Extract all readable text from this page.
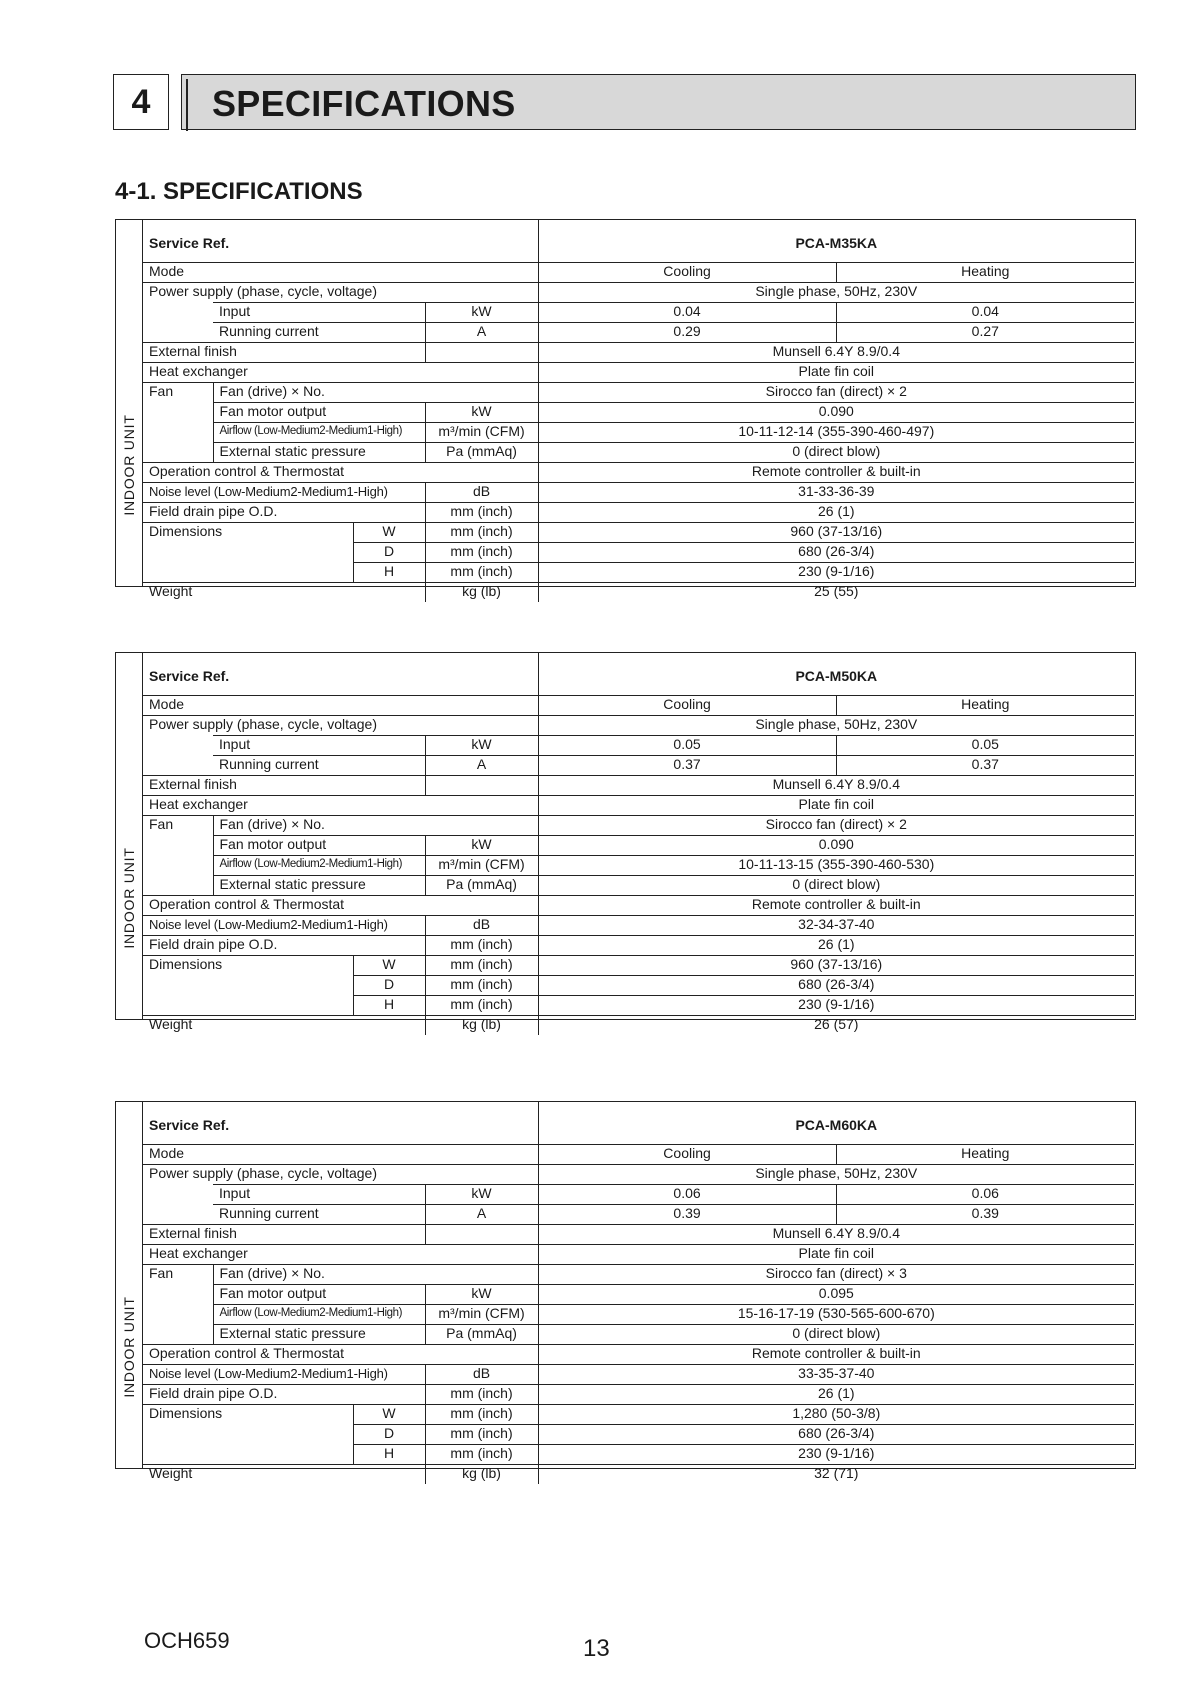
4	SPECIFICATIONS
4-1. SPECIFICATIONS
INDOOR UNIT
Service Ref.				PCA-M35KA	
Mode				Cooling	Heating
Power supply (phase, cycle, voltage)				Single phase, 50Hz, 230V	
	Input		kW	0.04	0.04
	Running current		A	0.29	0.27
External finish				Munsell 6.4Y 8.9/0.4	
Heat exchanger				Plate fin coil	
Fan	Fan (drive) × No.			Sirocco fan (direct) × 2	
	Fan motor output		kW	0.090	
	Airflow (Low-Medium2-Medium1-High)		m³/min (CFM)	10-11-12-14 (355-390-460-497)	
	External static pressure		Pa (mmAq)	0 (direct blow)	
Operation control & Thermostat				Remote controller & built-in	
Noise level (Low-Medium2-Medium1-High)			dB	31-33-36-39	
Field drain pipe O.D.			mm (inch)	26 (1)	
Dimensions		W	mm (inch)	960 (37-13/16)	
		D	mm (inch)	680 (26-3/4)	
		H	mm (inch)	230 (9-1/16)	
Weight			kg (lb)	25 (55)	
INDOOR UNIT
Service Ref.				PCA-M50KA	
Mode				Cooling	Heating
Power supply (phase, cycle, voltage)				Single phase, 50Hz, 230V	
	Input		kW	0.05	0.05
	Running current		A	0.37	0.37
External finish				Munsell 6.4Y 8.9/0.4	
Heat exchanger				Plate fin coil	
Fan	Fan (drive) × No.			Sirocco fan (direct) × 2	
	Fan motor output		kW	0.090	
	Airflow (Low-Medium2-Medium1-High)		m³/min (CFM)	10-11-13-15 (355-390-460-530)	
	External static pressure		Pa (mmAq)	0 (direct blow)	
Operation control & Thermostat				Remote controller & built-in	
Noise level (Low-Medium2-Medium1-High)			dB	32-34-37-40	
Field drain pipe O.D.			mm (inch)	26 (1)	
Dimensions		W	mm (inch)	960 (37-13/16)	
		D	mm (inch)	680 (26-3/4)	
		H	mm (inch)	230 (9-1/16)	
Weight			kg (lb)	26 (57)	
INDOOR UNIT
Service Ref.				PCA-M60KA	
Mode				Cooling	Heating
Power supply (phase, cycle, voltage)				Single phase, 50Hz, 230V	
	Input		kW	0.06	0.06
	Running current		A	0.39	0.39
External finish				Munsell 6.4Y 8.9/0.4	
Heat exchanger				Plate fin coil	
Fan	Fan (drive) × No.			Sirocco fan (direct) × 3	
	Fan motor output		kW	0.095	
	Airflow (Low-Medium2-Medium1-High)		m³/min (CFM)	15-16-17-19 (530-565-600-670)	
	External static pressure		Pa (mmAq)	0 (direct blow)	
Operation control & Thermostat				Remote controller & built-in	
Noise level (Low-Medium2-Medium1-High)			dB	33-35-37-40	
Field drain pipe O.D.			mm (inch)	26 (1)	
Dimensions		W	mm (inch)	1,280 (50-3/8)	
		D	mm (inch)	680 (26-3/4)	
		H	mm (inch)	230 (9-1/16)	
Weight			kg (lb)	32 (71)	
OCH659	13
